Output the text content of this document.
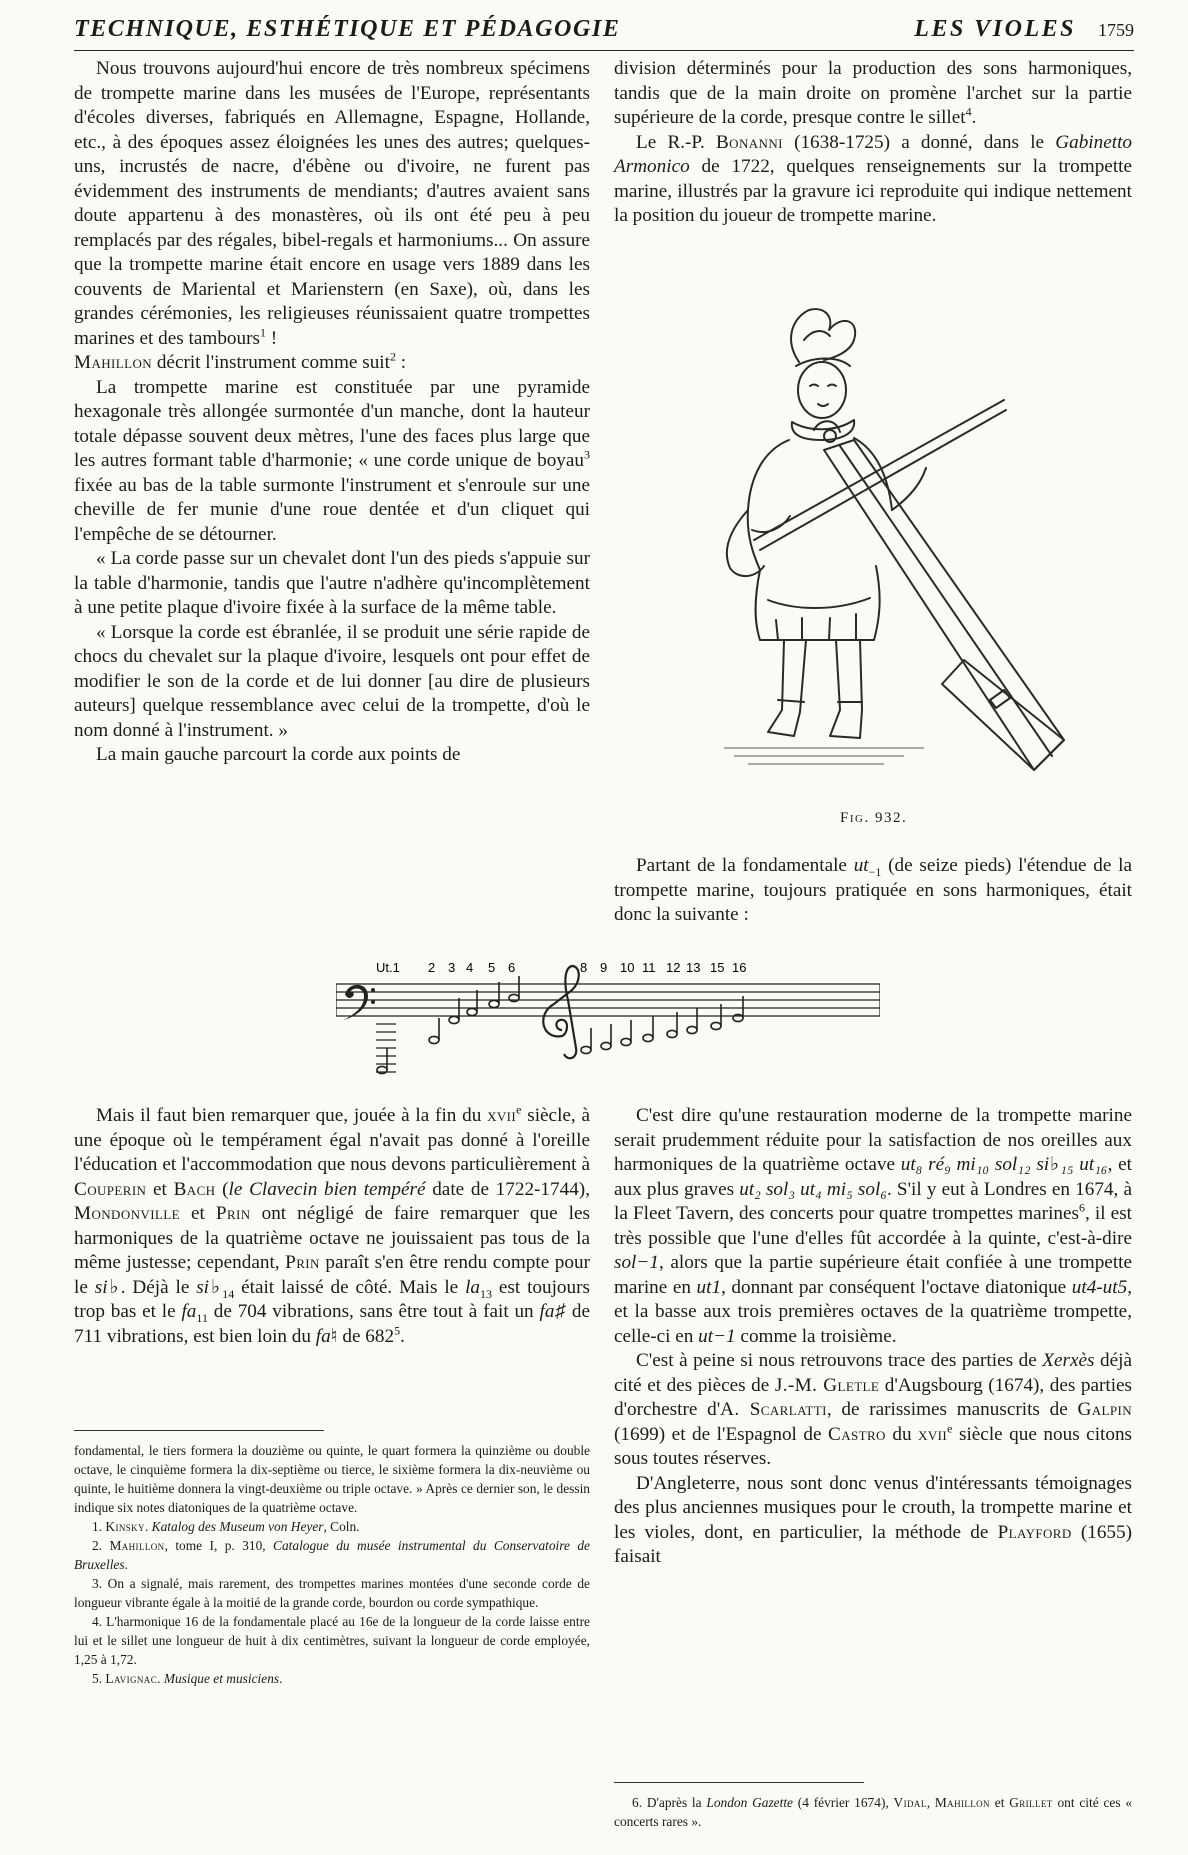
TECHNIQUE, ESTHÉTIQUE ET PÉDAGOGIE	LES VIOLES 1759

Nous trouvons aujourd'hui encore de très nombreux spécimens de trompette marine dans les musées de l'Europe, représentants d'écoles diverses, fabriqués en Allemagne, Espagne, Hollande, etc., à des époques assez éloignées les unes des autres; quelques-uns, incrustés de nacre, d'ébène ou d'ivoire, ne furent pas évidemment des instruments de mendiants; d'autres avaient sans doute appartenu à des monastères, où ils ont été peu à peu remplacés par des régales, bibel-regals et harmoniums... On assure que la trompette marine était encore en usage vers 1889 dans les couvents de Mariental et Marienstern (en Saxe), où, dans les grandes cérémonies, les religieuses réunissaient quatre trompettes marines et des tambours$^1$ !

Mahillon décrit l'instrument comme suit$^2$ :

La trompette marine est constituée par une pyramide hexagonale très allongée surmontée d'un manche, dont la hauteur totale dépasse souvent deux mètres, l'une des faces plus large que les autres formant table d'harmonie; « une corde unique de boyau$^3$ fixée au bas de la table surmonte l'instrument et s'enroule sur une cheville de fer munie d'une roue dentée et d'un cliquet qui l'empêche de se détourner.

« La corde passe sur un chevalet dont l'un des pieds s'appuie sur la table d'harmonie, tandis que l'autre n'adhère qu'incomplètement à une petite plaque d'ivoire fixée à la surface de la même table.

« Lorsque la corde est ébranlée, il se produit une série rapide de chocs du chevalet sur la plaque d'ivoire, lesquels ont pour effet de modifier le son de la corde et de lui donner [au dire de plusieurs auteurs] quelque ressemblance avec celui de la trompette, d'où le nom donné à l'instrument. »

La main gauche parcourt la corde aux points de

division déterminés pour la production des sons harmoniques, tandis que de la main droite on promène l'archet sur la partie supérieure de la corde, presque contre le sillet$^4$.

Le R.-P. Bonanni (1638-1725) a donné, dans le Gabinetto Armonico de 1722, quelques renseignements sur la trompette marine, illustrés par la gravure ici reproduite qui indique nettement la position du joueur de trompette marine.

Fig. 932.

Partant de la fondamentale $ut_{-1}$ (de seize pieds) l'étendue de la trompette marine, toujours pratiquée en sons harmoniques, était donc la suivante :

Ut.1 2 3 4 5 6	8 9 10 11 12 13 15 16

Mais il faut bien remarquer que, jouée à la fin du xvii$^e$ siècle, à une époque où le tempérament égal n'avait pas donné à l'oreille l'éducation et l'accommodation que nous devons particulièrement à Couperin et Bach (le Clavecin bien tempéré date de 1722-1744), Mondonville et Prin ont négligé de faire remarquer que les harmoniques de la quatrième octave ne jouissaient pas tous de la même justesse; cependant, Prin paraît s'en être rendu compte pour le si♭. Déjà le $si♭_{14}$ était laissé de côté. Mais le $la_{13}$ est toujours trop bas et le $fa_{11}$ de 704 vibrations, sans être tout à fait un fa♯ de 711 vibrations, est bien loin du fa♮ de $682^5$.

fondamental, le tiers formera la douzième ou quinte, le quart formera la quinzième ou double octave, le cinquième formera la dix-septième ou tierce, le sixième formera la dix-neuvième ou quinte, le huitième donnera la vingt-deuxième ou triple octave. » Après ce dernier son, le dessin indique six notes diatoniques de la quatrième octave.

1. Kinsky. Katalog des Museum von Heyer, Coln.

2. Mahillon, tome I, p. 310, Catalogue du musée instrumental du Conservatoire de Bruxelles.

3. On a signalé, mais rarement, des trompettes marines montées d'une seconde corde de longueur vibrante égale à la moitié de la grande corde, bourdon ou corde sympathique.

4. L'harmonique 16 de la fondamentale placé au 16e de la longueur de la corde laisse entre lui et le sillet une longueur de huit à dix centimètres, suivant la longueur de corde employée, 1,25 à 1,72.

5. Lavignac. Musique et musiciens.

C'est dire qu'une restauration moderne de la trompette marine serait prudemment réduite pour la satisfaction de nos oreilles aux harmoniques de la quatrième octave ut₈ ré₉ mi₁₀ sol₁₂ si♭₁₅ ut₁₆, et aux plus graves ut₂ sol₃ ut₄ mi₅ sol₆. S'il y eut à Londres en 1674, à la Fleet Tavern, des concerts pour quatre trompettes marines$^6$, il est très possible que l'une d'elles fût accordée à la quinte, c'est-à-dire sol−1, alors que la partie supérieure était confiée à une trompette marine en ut1, donnant par conséquent l'octave diatonique ut4-ut5, et la basse aux trois premières octaves de la quatrième trompette, celle-ci en ut−1 comme la troisième.

C'est à peine si nous retrouvons trace des parties de Xerxès déjà cité et des pièces de J.-M. Gletle d'Augsbourg (1674), des parties d'orchestre d'A. Scarlatti, de rarissimes manuscrits de Galpin (1699) et de l'Espagnol de Castro du xvii$^e$ siècle que nous citons sous toutes réserves.

D'Angleterre, nous sont donc venus d'intéressants témoignages des plus anciennes musiques pour le crouth, la trompette marine et les violes, dont, en particulier, la méthode de Playford (1655) faisait

6. D'après la London Gazette (4 février 1674), Vidal, Mahillon et Grillet ont cité ces « concerts rares ».
